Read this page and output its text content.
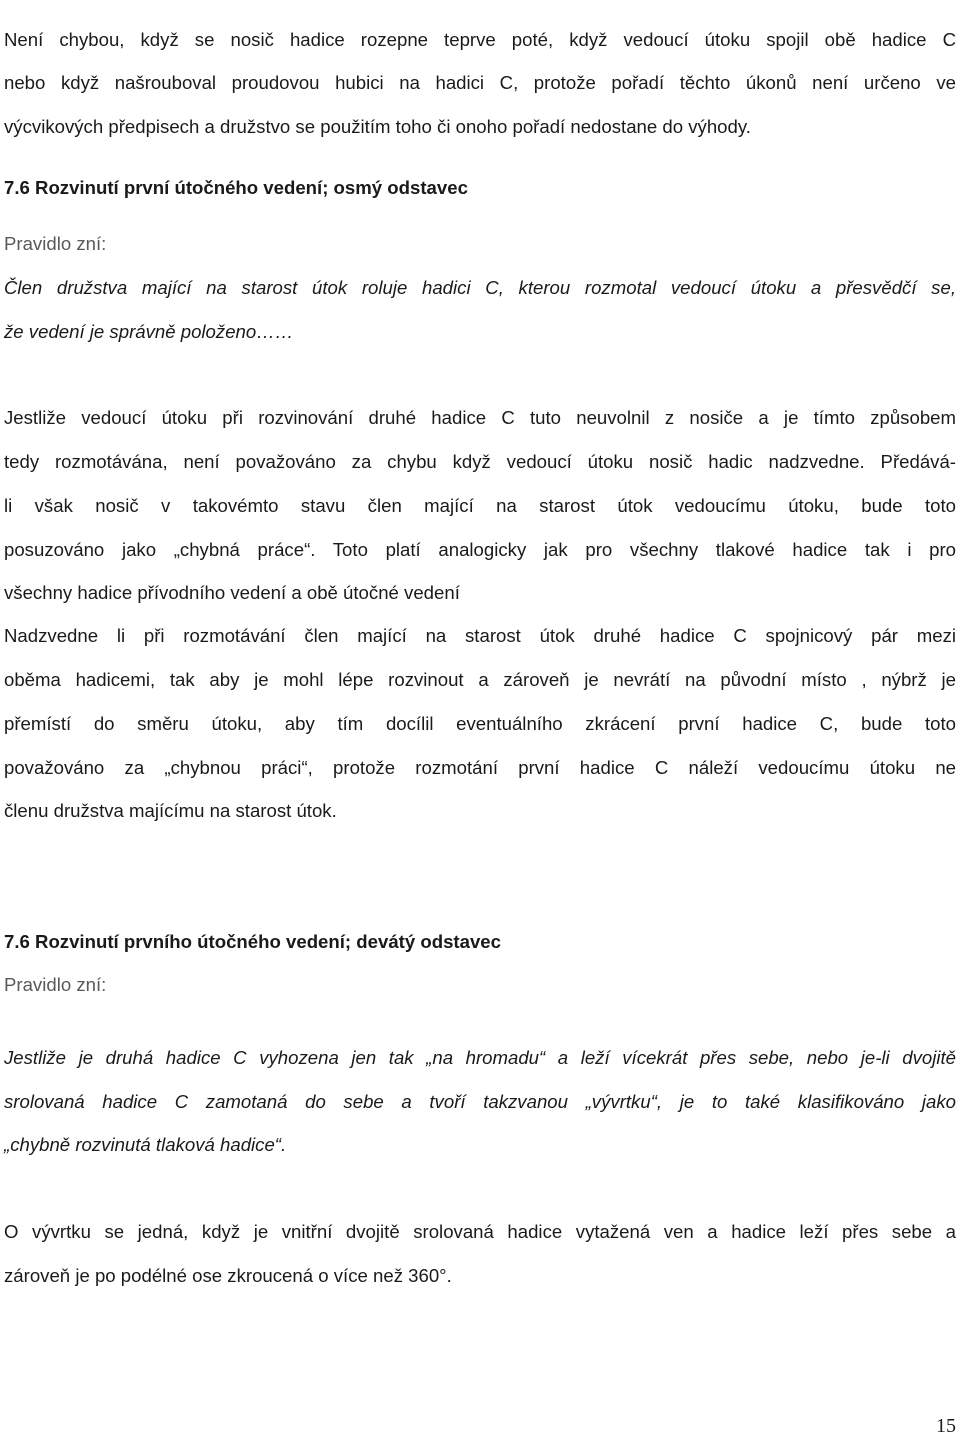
Není chybou, když se nosič hadice rozepne teprve poté, když vedoucí útoku spojil obě hadice C
nebo když našrouboval proudovou hubici na hadici C, protože pořadí těchto úkonů není určeno ve
výcvikových předpisech a družstvo se použitím toho či onoho pořadí nedostane do výhody.
7.6 Rozvinutí první útočného vedení; osmý odstavec
Pravidlo zní:
Člen družstva mající na starost útok roluje hadici C, kterou rozmotal vedoucí útoku a přesvědčí se,
že vedení je správně položeno……
Jestliže vedoucí útoku při rozvinování druhé hadice C tuto neuvolnil z nosiče a je tímto způsobem
tedy rozmotávána, není považováno za chybu když vedoucí útoku nosič hadic nadzvedne. Předává-
li však nosič v takovémto stavu člen mající na starost útok vedoucímu útoku, bude toto
posuzováno jako „chybná práce“. Toto platí analogicky jak pro všechny tlakové hadice tak i pro
všechny hadice přívodního vedení a obě útočné vedení
Nadzvedne li při rozmotávání člen mající na starost útok druhé hadice C spojnicový pár mezi
oběma hadicemi, tak aby je mohl lépe rozvinout a zároveň je nevrátí na původní místo , nýbrž je
přemístí do směru útoku, aby tím docílil eventuálního zkrácení první hadice C, bude toto
považováno za „chybnou práci“, protože rozmotání první hadice C náleží vedoucímu útoku ne
členu družstva majícímu na starost útok.
7.6 Rozvinutí prvního útočného vedení; devátý odstavec
Pravidlo zní:
Jestliže je druhá hadice C vyhozena jen tak „na hromadu“ a leží vícekrát přes sebe, nebo je-li dvojitě
srolovaná hadice C zamotaná do sebe a tvoří takzvanou „vývrtku“, je to také klasifikováno jako
„chybně rozvinutá tlaková hadice“.
O vývrtku se jedná, když je vnitřní dvojitě srolovaná hadice vytažená ven a hadice leží přes sebe a
zároveň je po podélné ose zkroucená o více než 360°.
15
